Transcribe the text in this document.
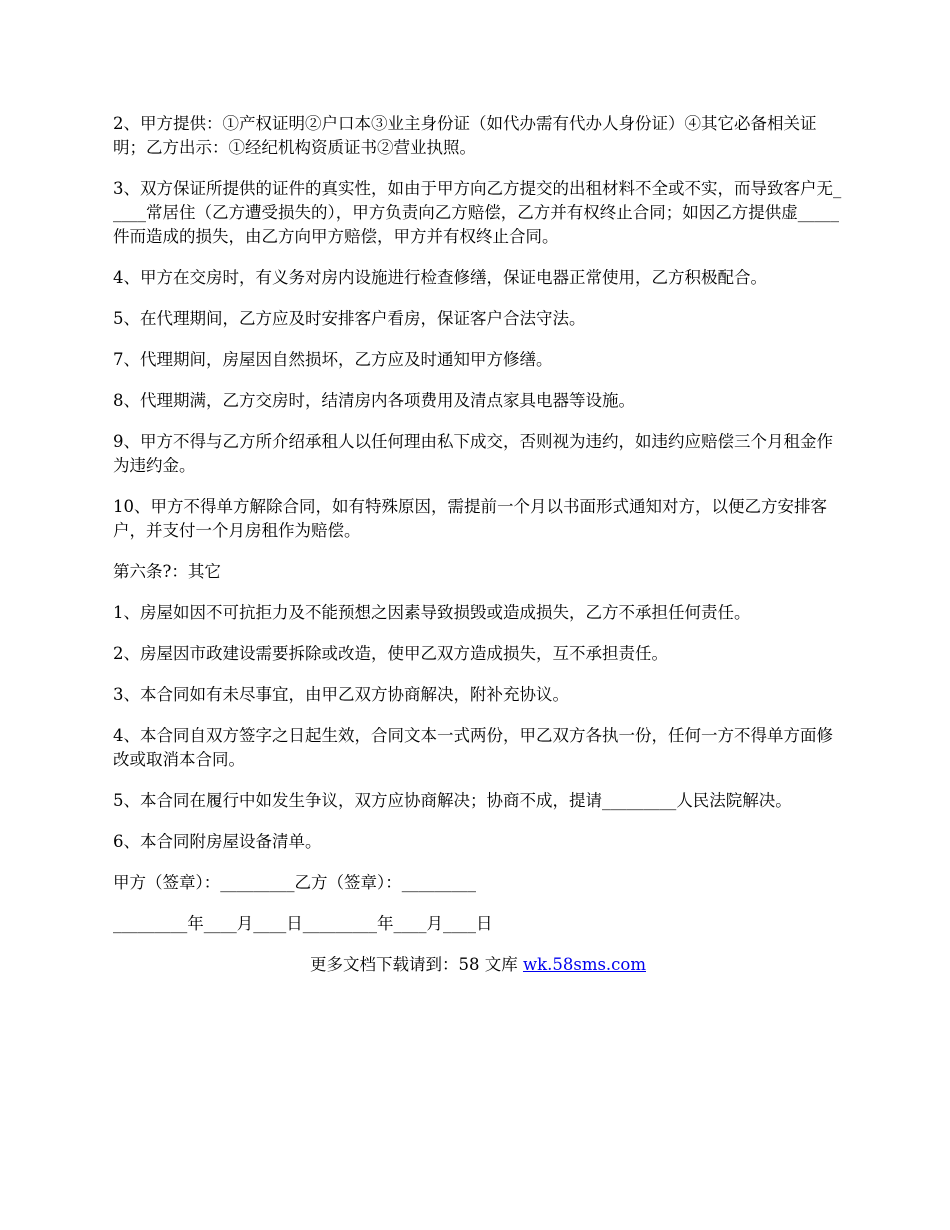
2、甲方提供：①产权证明②户口本③业主身份证（如代办需有代办人身份证）④其它必备相关证明；乙方出示：①经纪机构资质证书②营业执照。

3、双方保证所提供的证件的真实性，如由于甲方向乙方提交的出租材料不全或不实，而导致客户无_____常居住（乙方遭受损失的），甲方负责向乙方赔偿，乙方并有权终止合同；如因乙方提供虚_____件而造成的损失，由乙方向甲方赔偿，甲方并有权终止合同。

4、甲方在交房时，有义务对房内设施进行检查修缮，保证电器正常使用，乙方积极配合。

5、在代理期间，乙方应及时安排客户看房，保证客户合法守法。

7、代理期间，房屋因自然损坏，乙方应及时通知甲方修缮。

8、代理期满，乙方交房时，结清房内各项费用及清点家具电器等设施。

9、甲方不得与乙方所介绍承租人以任何理由私下成交，否则视为违约，如违约应赔偿三个月租金作为违约金。

10、甲方不得单方解除合同，如有特殊原因，需提前一个月以书面形式通知对方，以便乙方安排客户，并支付一个月房租作为赔偿。

第六条?：其它

1、房屋如因不可抗拒力及不能预想之因素导致损毁或造成损失，乙方不承担任何责任。

2、房屋因市政建设需要拆除或改造，使甲乙双方造成损失，互不承担责任。

3、本合同如有未尽事宜，由甲乙双方协商解决，附补充协议。

4、本合同自双方签字之日起生效，合同文本一式两份，甲乙双方各执一份，任何一方不得单方面修改或取消本合同。

5、本合同在履行中如发生争议，双方应协商解决；协商不成，提请_________人民法院解决。

6、本合同附房屋设备清单。

甲方（签章）：_________乙方（签章）：_________

_________年____月____日_________年____月____日

更多文档下载请到：58 文库 wk.58sms.com
